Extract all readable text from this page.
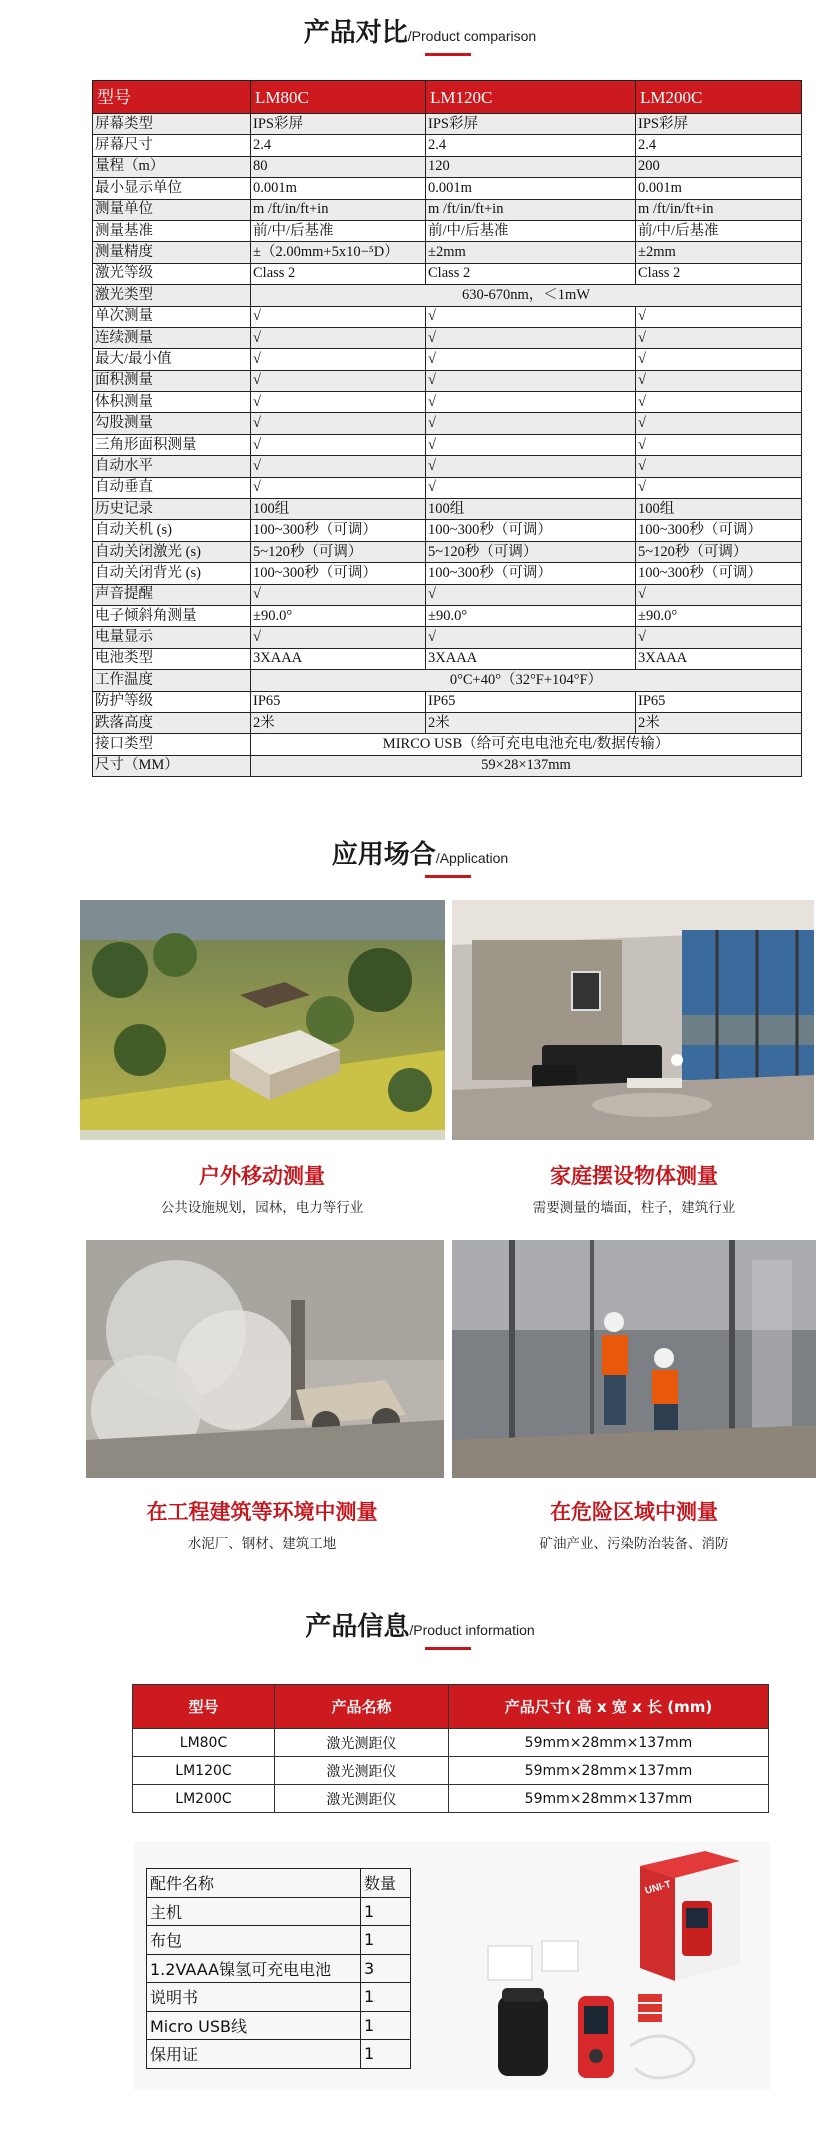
产品对比/Product comparison
型号	LM80C	LM120C	LM200C
屏幕类型	IPS彩屏	IPS彩屏	IPS彩屏
屏幕尺寸	2.4	2.4	2.4
量程（m）	80	120	200
最小显示单位	0.001m	0.001m	0.001m
测量单位	m /ft/in/ft+in	m /ft/in/ft+in	m /ft/in/ft+in
测量基准	前/中/后基准	前/中/后基准	前/中/后基准
测量精度	±（2.00mm+5x10−⁵D）	±2mm	±2mm
激光等级	Class 2	Class 2	Class 2
激光类型	630-670nm，＜1mW		
单次测量	√	√	√
连续测量	√	√	√
最大/最小值	√	√	√
面积测量	√	√	√
体积测量	√	√	√
勾股测量	√	√	√
三角形面积测量	√	√	√
自动水平	√	√	√
自动垂直	√	√	√
历史记录	100组	100组	100组
自动关机 (s)	100~300秒（可调）	100~300秒（可调）	100~300秒（可调）
自动关闭激光 (s)	5~120秒（可调）	5~120秒（可调）	5~120秒（可调）
自动关闭背光 (s)	100~300秒（可调）	100~300秒（可调）	100~300秒（可调）
声音提醒	√	√	√
电子倾斜角测量	±90.0°	±90.0°	±90.0°
电量显示	√	√	√
电池类型	3XAAA	3XAAA	3XAAA
工作温度	0°C+40°（32°F+104°F）		
防护等级	IP65	IP65	IP65
跌落高度	2米	2米	2米
接口类型	MIRCO USB（给可充电电池充电/数据传输）		
尺寸（MM）	59×28×137mm		
应用场合/Application
户外移动测量
公共设施规划，园林，电力等行业
家庭摆设物体测量
需要测量的墙面，柱子，建筑行业
在工程建筑等环境中测量
水泥厂、钢材、建筑工地
在危险区域中测量
矿油产业、污染防治装备、消防
产品信息/Product information
型号	产品名称	产品尺寸( 高 x 宽 x 长 (mm)
LM80C	激光测距仪	59mm×28mm×137mm
LM120C	激光测距仪	59mm×28mm×137mm
LM200C	激光测距仪	59mm×28mm×137mm
配件名称	数量
主机	1
布包	1
1.2VAAA镍氢可充电电池	3
说明书	1
Micro USB线	1
保用证	1
UNI-T
